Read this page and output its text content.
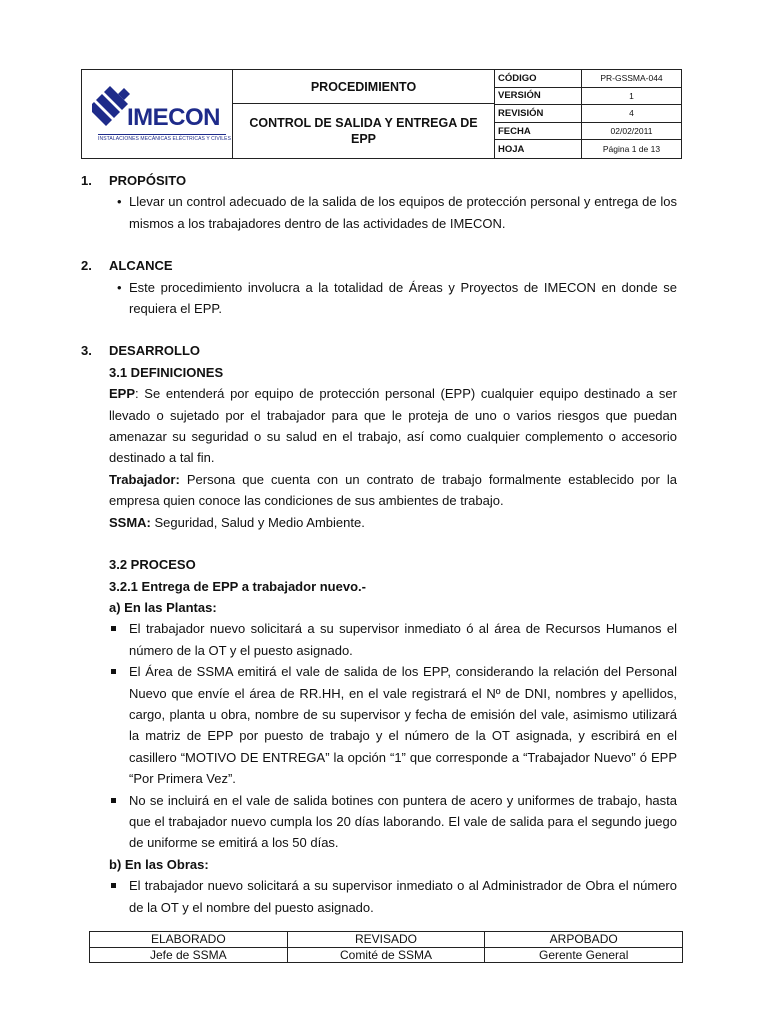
IMECON
INSTALACIONES MECÁNICAS ELÉCTRICAS Y CIVILES
PROCEDIMIENTO
CONTROL DE SALIDA Y ENTREGA DE EPP
CÓDIGO	PR-GSSMA-044
VERSIÓN	1
REVISIÓN	4
FECHA	02/02/2011
HOJA	Página 1 de 13
1.	PROPÓSITO
• Llevar un control adecuado de la salida de los equipos de protección personal y entrega de los mismos a los trabajadores dentro de las actividades de IMECON.
2.	ALCANCE
• Este procedimiento involucra a la totalidad de Áreas y Proyectos de IMECON en donde se requiera el EPP.
3.	DESARROLLO
3.1 DEFINICIONES
EPP: Se entenderá por equipo de protección personal (EPP) cualquier equipo destinado a ser llevado o sujetado por el trabajador para que le proteja de uno o varios riesgos que puedan amenazar su seguridad o su salud en el trabajo, así como cualquier complemento o accesorio destinado a tal fin.
Trabajador: Persona que cuenta con un contrato de trabajo formalmente establecido por la empresa quien conoce las condiciones de sus ambientes de trabajo.
SSMA: Seguridad, Salud y Medio Ambiente.
3.2 PROCESO
3.2.1 Entrega de EPP a trabajador nuevo.-
a) En las Plantas:
El trabajador nuevo solicitará a su supervisor inmediato ó al área de Recursos Humanos el número de la OT y el puesto asignado.
El Área de SSMA emitirá el vale de salida de los EPP, considerando la relación del Personal Nuevo que envíe el área de RR.HH, en el vale registrará el Nº de DNI, nombres y apellidos, cargo, planta u obra, nombre de su supervisor y fecha de emisión del vale, asimismo utilizará la matriz de EPP por puesto de trabajo y el número de la OT asignada, y escribirá en el casillero “MOTIVO DE ENTREGA” la opción “1” que corresponde a “Trabajador Nuevo” ó EPP “Por Primera Vez”.
No se incluirá en el vale de salida botines con puntera de acero y uniformes de trabajo, hasta que el trabajador nuevo cumpla los 20 días laborando. El vale de salida para el segundo juego de uniforme se emitirá a los 50 días.
b) En las Obras:
El trabajador nuevo solicitará a su supervisor inmediato o al Administrador de Obra el número de la OT y el nombre del puesto asignado.
ELABORADO	REVISADO	ARPOBADO
Jefe de SSMA	Comité de SSMA	Gerente General
